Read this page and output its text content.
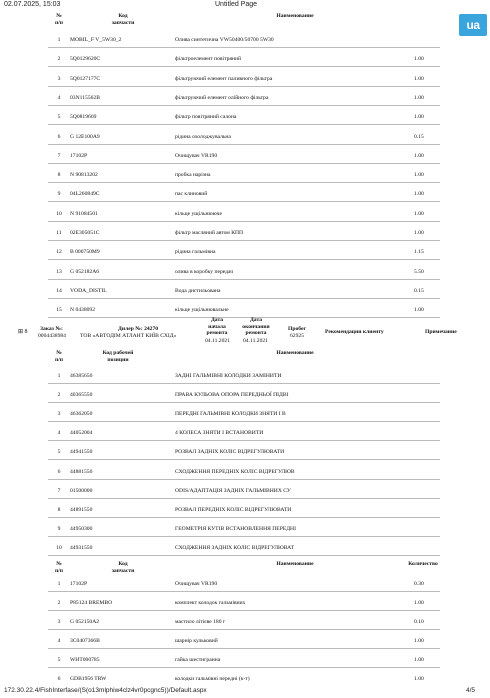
02.07.2025, 15:03	Untitled Page
ua
№
п/п
Код
запчасти
Наименование
1	MOBIL_F V_5W30_2	Олива синтетична VW50400/50700 5W30
2	5Q0129620C	фільтроелемент повітряний	1.00
3	5Q0127177C	фільтруючий елемент паливного фільтра	1.00
4	03N115562B	фільтруючий елемент олійного фільтра	1.00
5	5Q0819669	фільтр повітряний салона	1.00
6	G 12E100A9	рідина охолоджувальна	0.15
7	17102P	Очищувач VR190	1.00
8	N 90813202	пробка нарізна	1.00
9	04L260849C	пас клиновий	1.00
10	N 91084501	кільце ущільнююче	1.00
11	02E305051C	фільтр масляний автом КПП	1.00
12	B 000750M9	рідина гальмівна	1.15
13	G 052182A6	олива в коробку передач	5.50
14	VODA_DISTIL	Вода дистильована	0.15
15	N 0438092	кільце ущільнювальне	1.00
⊞ 8 Заказ №:
0004438984
Дилер №: 24270
ТОВ «АВТОДІМ АТЛАНТ КИЇВ СХІД»
Дата
начала
ремонта
04.11.2021
Дата
окончания
ремонта
04.11.2021
Пробег
62925
Рекомендации клиенту	Примечание
№
п/п
Код рабочей
позиции
Наименование
1	46385650	ЗАДНІ ГАЛЬМІВНІ КОЛОДКИ ЗАМІНИТИ
2	40365550	ПРАВА КУЛЬОВА ОПОРА ПЕРЕДНЬОЇ ПІДВІ
3	46362050	ПЕРЕДНІ ГАЛЬМІВНІ КОЛОДКИ ЗНЯТИ І В
4	44052004	4 КОЛЕСА ЗНЯТИ І ВСТАНОВИТИ
5	44941550	РОЗВАЛ ЗАДНІХ КОЛІС ВІДРЕГУЛЮВАТИ
6	44881550	СХОДЖЕННЯ ПЕРЕДНІХ КОЛІС ВІДРЕГУЛЮВ
7	01500000	ODIS/АДАПТАЦІЯ ЗАДНІХ ГАЛЬМІВНИХ СУ
8	44891550	РОЗВАЛ ПЕРЕДНІХ КОЛІС ВІДРЕГУЛЮВАТИ
9	44950300	ГЕОМЕТРІЯ КУТІВ ВСТАНОВЛЕННЯ ПЕРЕДНІ
10	44931550	СХОДЖЕННЯ ЗАДНІХ КОЛІС ВІДРЕГУЛЮВАТ
№
п/п
Код
запчасти
Наименование	Количество
1	17102P	Очищувач VR190	0.30
2	P85124 BREMBO	комплект колодок гальмівних	1.00
3	G 052150A2	мастило літієве 180 г	0.10
4	3C0407366B	шарнір кульковий	1.00
5	WHT000785	гайка шестигранна	1.00
6	GDB1956 TRW	колодки гальмівні передні (к-т)	1.00
172.30.22.4/FishInterfase/(S(o13mlphiw4clz4vr0pcgnc5))/Default.aspx	4/5
